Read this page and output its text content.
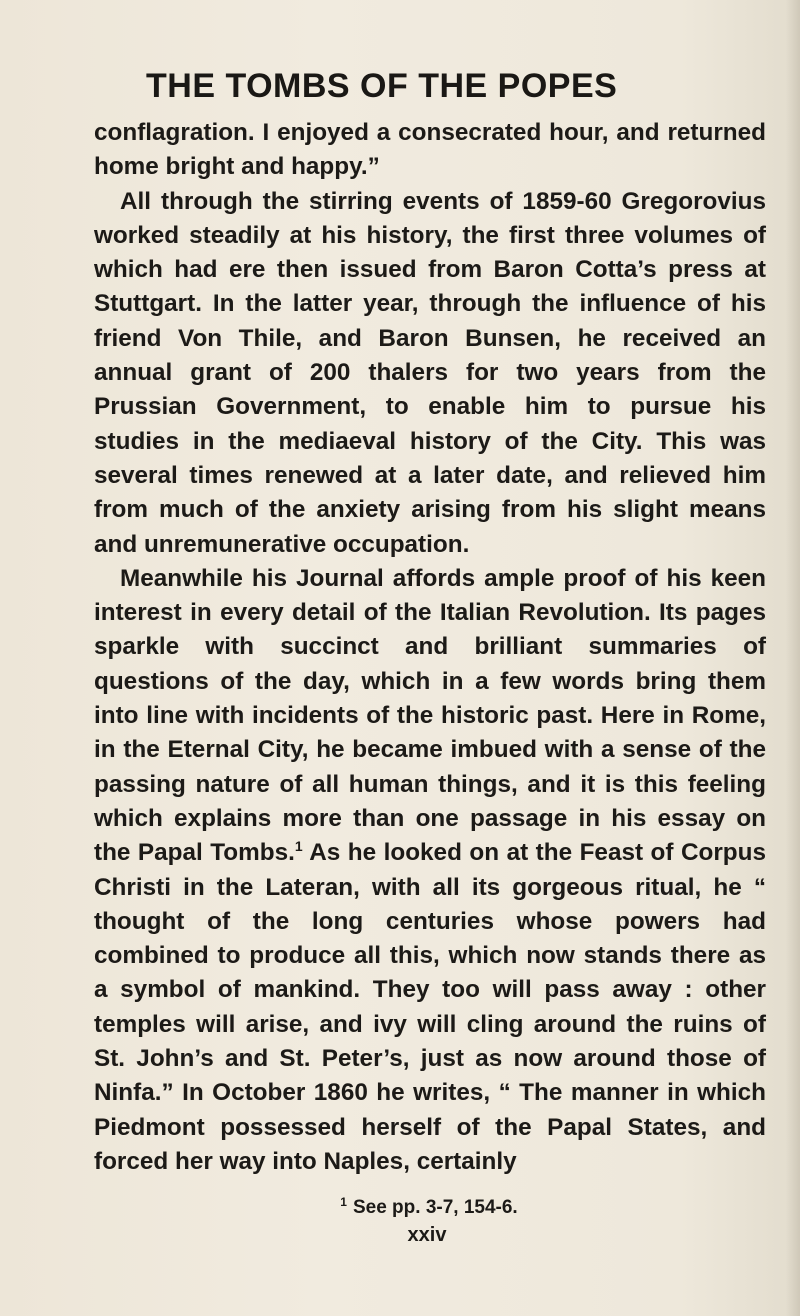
THE TOMBS OF THE POPES

conflagration. I enjoyed a consecrated hour, and returned home bright and happy.”

All through the stirring events of 1859-60 Gregorovius worked steadily at his history, the first three volumes of which had ere then issued from Baron Cotta’s press at Stuttgart. In the latter year, through the influence of his friend Von Thile, and Baron Bunsen, he received an annual grant of 200 thalers for two years from the Prussian Government, to enable him to pursue his studies in the mediaeval history of the City. This was several times renewed at a later date, and relieved him from much of the anxiety arising from his slight means and unremunerative occupation.

Meanwhile his Journal affords ample proof of his keen interest in every detail of the Italian Revolution. Its pages sparkle with succinct and brilliant summaries of questions of the day, which in a few words bring them into line with incidents of the historic past. Here in Rome, in the Eternal City, he became imbued with a sense of the passing nature of all human things, and it is this feeling which explains more than one passage in his essay on the Papal Tombs.$^1$ As he looked on at the Feast of Corpus Christi in the Lateran, with all its gorgeous ritual, he “ thought of the long centuries whose powers had combined to produce all this, which now stands there as a symbol of mankind. They too will pass away : other temples will arise, and ivy will cling around the ruins of St. John’s and St. Peter’s, just as now around those of Ninfa.” In October 1860 he writes, “ The manner in which Piedmont possessed herself of the Papal States, and forced her way into Naples, certainly

$^1$ See pp. 3-7, 154-6.
xxiv
